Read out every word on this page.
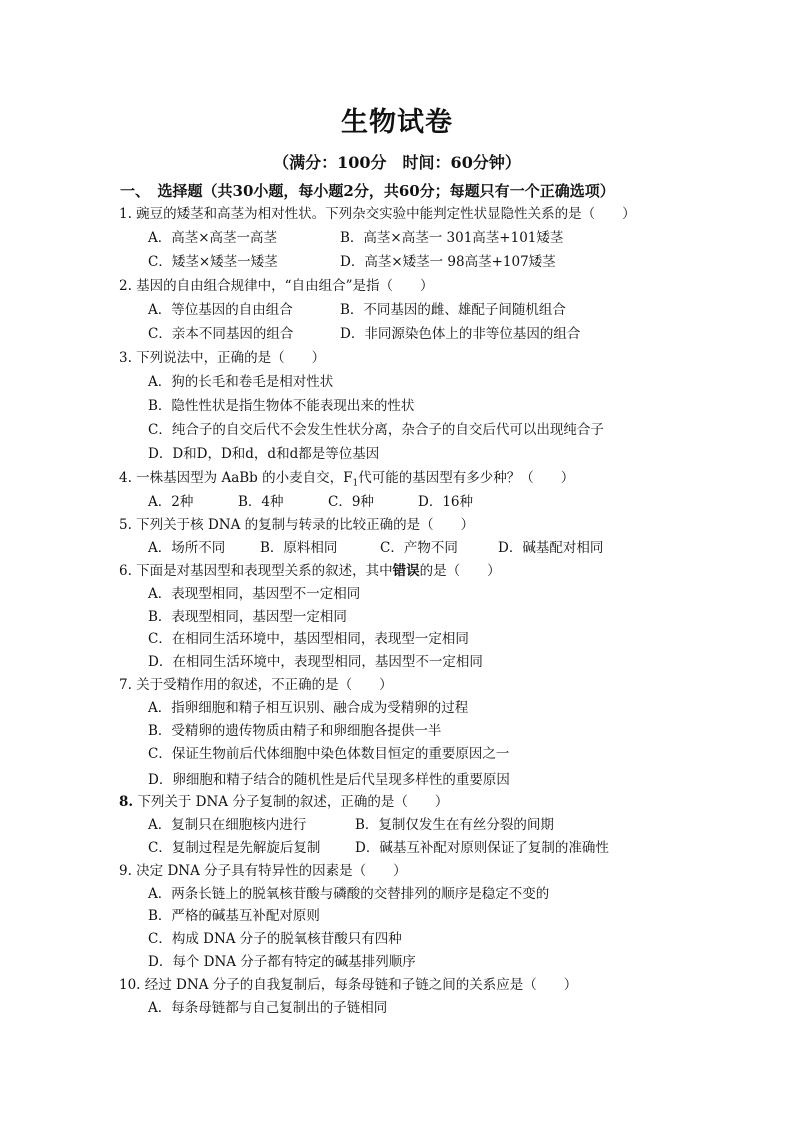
生物试卷
（满分：100分　时间：60分钟）
一、　选择题（共30小题，每小题2分，共60分；每题只有一个正确选项）
1. 豌豆的矮茎和高茎为相对性状。下列杂交实验中能判定性状显隐性关系的是（　　）
A．高茎×高茎一高茎	B．高茎×高茎一 301高茎+101矮茎
C．矮茎×矮茎一矮茎	D．高茎×矮茎一 98高茎+107矮茎
2. 基因的自由组合规律中，“自由组合”是指（　　）
A．等位基因的自由组合	B．不同基因的雌、雄配子间随机组合
C．亲本不同基因的组合	D．非同源染色体上的非等位基因的组合
3. 下列说法中，正确的是（　　）
A．狗的长毛和卷毛是相对性状
B．隐性性状是指生物体不能表现出来的性状
C．纯合子的自交后代不会发生性状分离，杂合子的自交后代可以出现纯合子
D．D和D，D和d，d和d都是等位基因
4. 一株基因型为 AaBb 的小麦自交，$F_1$代可能的基因型有多少种？（　　）
A．2种	B．4种	C．9种	D．16种
5. 下列关于核 DNA 的复制与转录的比较正确的是（　　）
A．场所不同	B．原料相同	C．产物不同	D．碱基配对相同
6. 下面是对基因型和表现型关系的叙述，其中错误的是（　　）
A．表现型相同，基因型不一定相同
B．表现型相同，基因型一定相同
C．在相同生活环境中，基因型相同，表现型一定相同
D．在相同生活环境中，表现型相同，基因型不一定相同
7. 关于受精作用的叙述，不正确的是（　　）
A．指卵细胞和精子相互识别、融合成为受精卵的过程
B．受精卵的遗传物质由精子和卵细胞各提供一半
C．保证生物前后代体细胞中染色体数目恒定的重要原因之一
D．卵细胞和精子结合的随机性是后代呈现多样性的重要原因
8. 下列关于 DNA 分子复制的叙述，正确的是（　　）
A．复制只在细胞核内进行	B．复制仅发生在有丝分裂的间期
C．复制过程是先解旋后复制	D．碱基互补配对原则保证了复制的准确性
9. 决定 DNA 分子具有特异性的因素是（　　）
A．两条长链上的脱氧核苷酸与磷酸的交替排列的顺序是稳定不变的
B．严格的碱基互补配对原则
C．构成 DNA 分子的脱氧核苷酸只有四种
D．每个 DNA 分子都有特定的碱基排列顺序
10. 经过 DNA 分子的自我复制后，每条母链和子链之间的关系应是（　　）
A．每条母链都与自己复制出的子链相同
